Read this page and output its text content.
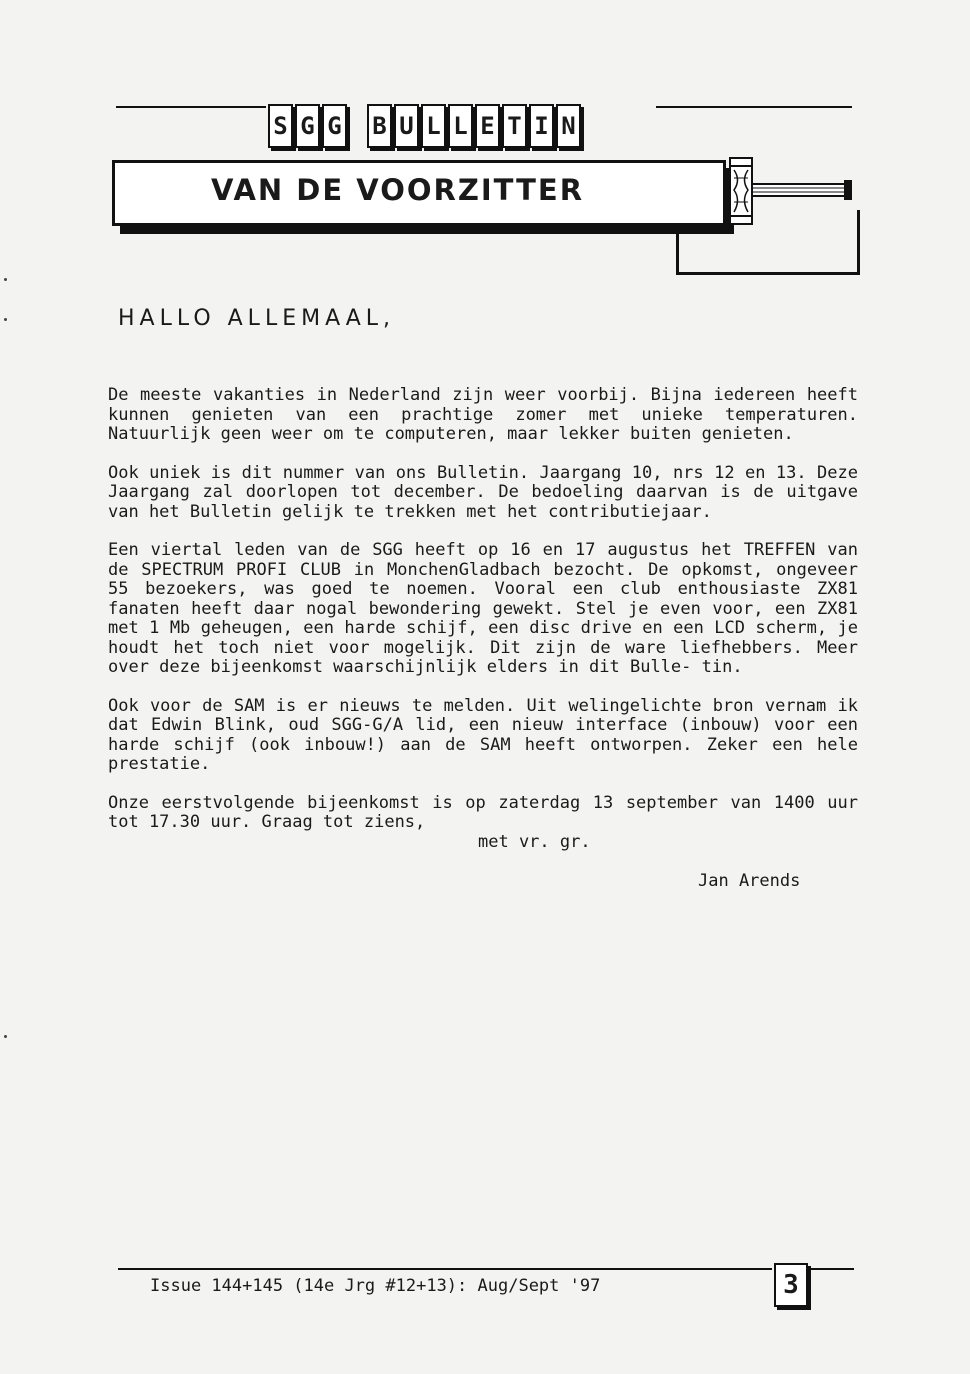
S G G B U L L E T I N
VAN DE VOORZITTER
HALLO ALLEMAAL,

De meeste vakanties in Nederland zijn weer voorbij. Bijna iedereen heeft kunnen genieten van een prachtige zomer met unieke temperaturen. Natuurlijk geen weer om te computeren, maar lekker buiten genieten.

Ook uniek is dit nummer van ons Bulletin. Jaargang 10, nrs 12 en 13. Deze Jaargang zal doorlopen tot december. De bedoeling daarvan is de uitgave van het Bulletin gelijk te trekken met het contributiejaar.

Een viertal leden van de SGG heeft op 16 en 17 augustus het TREFFEN van de SPECTRUM PROFI CLUB in MonchenGladbach bezocht. De opkomst, ongeveer 55 bezoekers, was goed te noemen. Vooral een club enthousiaste ZX81 fanaten heeft daar nogal bewondering gewekt. Stel je even voor, een ZX81 met 1 Mb geheugen, een harde schijf, een disc drive en een LCD scherm, je houdt het toch niet voor mogelijk. Dit zijn de ware liefhebbers. Meer over deze bijeenkomst waarschijnlijk elders in dit Bulle- tin.

Ook voor de SAM is er nieuws te melden. Uit welingelichte bron vernam ik dat Edwin Blink, oud SGG-G/A lid, een nieuw interface (inbouw) voor een harde schijf (ook inbouw!) aan de SAM heeft ontworpen. Zeker een hele prestatie.

Onze eerstvolgende bijeenkomst is op zaterdag 13 september van 1400 uur tot 17.30 uur. Graag tot ziens,

met vr. gr.
Jan Arends
Issue 144+145 (14e Jrg #12+13): Aug/Sept '97	3
